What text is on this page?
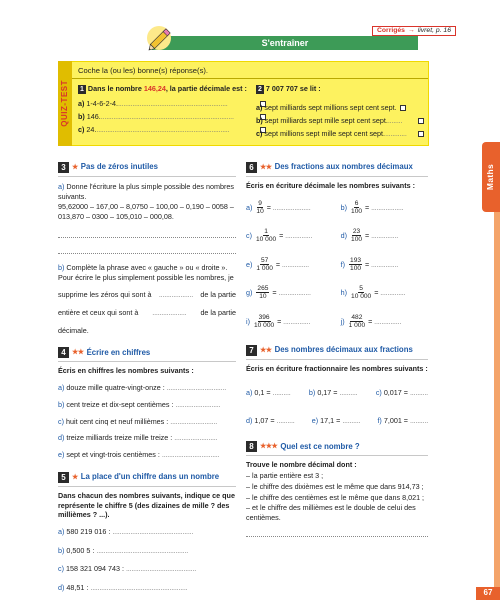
Maths
Corrigés → livret, p. 16
S'entraîner
QUIZ-TEST
Coche la (ou les) bonne(s) réponse(s).
1 Dans le nombre 146,24, la partie décimale est :
a) 1-4-6-2-4. .............................................................
b) 146. ..........................................................................
c) 24. ..........................................................................
2 7 007 707 se lit :
a) sept milliards sept millions sept cent sept.
b) sept milliards sept mille sept cent sept. ........
c) sept millions sept mille sept cent sept. ............
3 ★ Pas de zéros inutiles
a) Donne l'écriture la plus simple possible des nombres suivants.
95,62000 – 167,00 – 8,0750 – 100,00 – 0,190 – 0058 – 013,870 – 0300 – 105,010 – 000,08.
b) Complète la phrase avec « gauche » ou « droite ». Pour écrire le plus simplement possible les nombres, je
supprime les zéros qui sont à ................... de la partie
entière et ceux qui sont à ................... de la partie
décimale.
4 ★★ Écrire en chiffres
Écris en chiffres les nombres suivants :
a) douze mille quatre-vingt-onze : .................................
b) cent treize et dix-sept centièmes : .........................
c) huit cent cinq et neuf millièmes : ..........................
d) treize milliards treize mille treize : ........................
e) sept et vingt-trois centièmes : ................................
5 ★ La place d'un chiffre dans un nombre
Dans chacun des nombres suivants, indique ce que représente le chiffre 5 (des dizaines de mille ? des millièmes ? ...).
a) 580 219 016 : .............................................
b) 0,500 5 : ...................................................
c) 158 321 094 743 : .......................................
d) 48,51 : ......................................................
6 ★★ Des fractions aux nombres décimaux
Écris en écriture décimale les nombres suivants :
$a) \frac{9}{10}$ = .....................	$b) \frac{6}{100}$ = ..................
$c) \frac{1}{10 000}$ = ...............	$d) \frac{23}{100}$ = ...............
$e) \frac{57}{1 000}$ = ...............	$f) \frac{193}{100}$ = ...............
$g) \frac{265}{10}$ = ..................	$h) \frac{5}{10 000}$ = ..............
$i) \frac{396}{10 000}$ = ...............	$j) \frac{482}{1 000}$ = ...............
7 ★★ Des nombres décimaux aux fractions
Écris en écriture fractionnaire les nombres suivants :
a) 0,1 = ..........	b) 0,17 = ..........	c) 0,017 = ..........
d) 1,07 = .......... e) 17,1 = .......... f) 7,001 = ..........
8 ★★★ Quel est ce nombre ?
Trouve le nombre décimal dont :
– la partie entière est 3 ;
– le chiffre des dixièmes est le même que dans 914,73 ;
– le chiffre des centièmes est le même que dans 8,021 ;
– et le chiffre des millièmes est le double de celui des centièmes.
67
